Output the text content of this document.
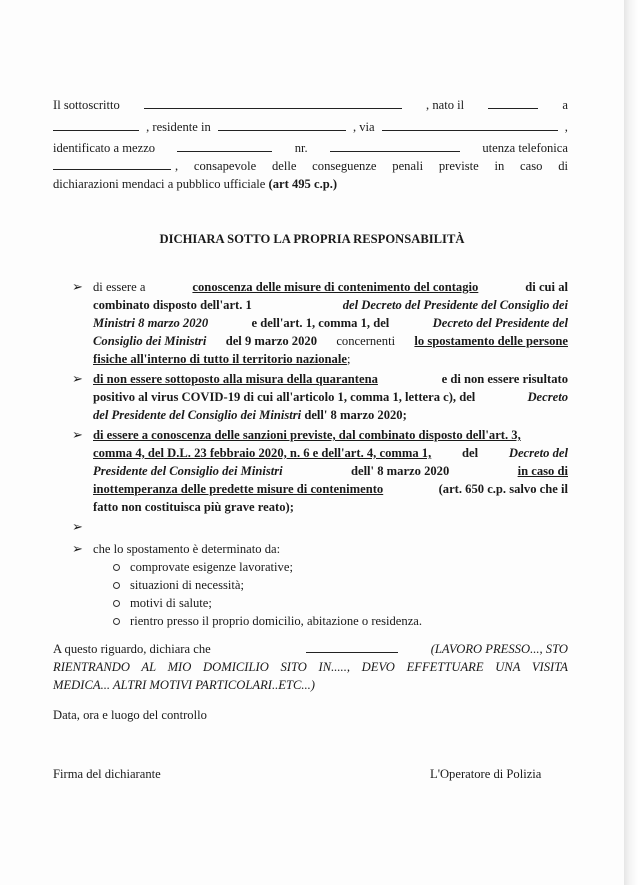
Il sottoscritto	, nato il	a
, residente in	, via	,
identificato a mezzo	nr.	utenza telefonica
, consapevole delle conseguenze penali previste in caso di
dichiarazioni mendaci a pubblico ufficiale (art 495 c.p.)
DICHIARA SOTTO LA PROPRIA RESPONSABILITÀ
➢ di essere a	conoscenza delle misure di contenimento del contagio	di cui al
combinato disposto dell'art. 1	del Decreto del Presidente del Consiglio dei
Ministri 8 marzo 2020	e dell'art. 1, comma 1, del	Decreto del Presidente del
Consiglio dei Ministri del 9 marzo 2020 concernenti lo spostamento delle persone
fisiche all'interno di tutto il territorio nazionale;
➢ di non essere sottoposto alla misura della quarantena	e di non essere risultato
positivo al virus COVID-19 di cui all'articolo 1, comma 1, lettera c), del	Decreto
del Presidente del Consiglio dei Ministri dell' 8 marzo 2020;
➢ di essere a conoscenza delle sanzioni previste, dal combinato disposto dell'art. 3,
comma 4, del D.L. 23 febbraio 2020, n. 6 e dell'art. 4, comma 1, del Decreto del
Presidente del Consiglio dei Ministri	dell' 8 marzo 2020	in caso di
inottemperanza delle predette misure di contenimento	(art. 650 c.p. salvo che il
fatto non costituisca più grave reato);
➢
➢ che lo spostamento è determinato da:
comprovate esigenze lavorative;
situazioni di necessità;
motivi di salute;
rientro presso il proprio domicilio, abitazione o residenza.
A questo riguardo, dichiara che	(LAVORO PRESSO..., STO
RIENTRANDO AL MIO DOMICILIO SITO IN....., DEVO EFFETTUARE UNA VISITA
MEDICA... ALTRI MOTIVI PARTICOLARI..ETC...)
Data, ora e luogo del controllo
Firma del dichiarante	L'Operatore di Polizia
